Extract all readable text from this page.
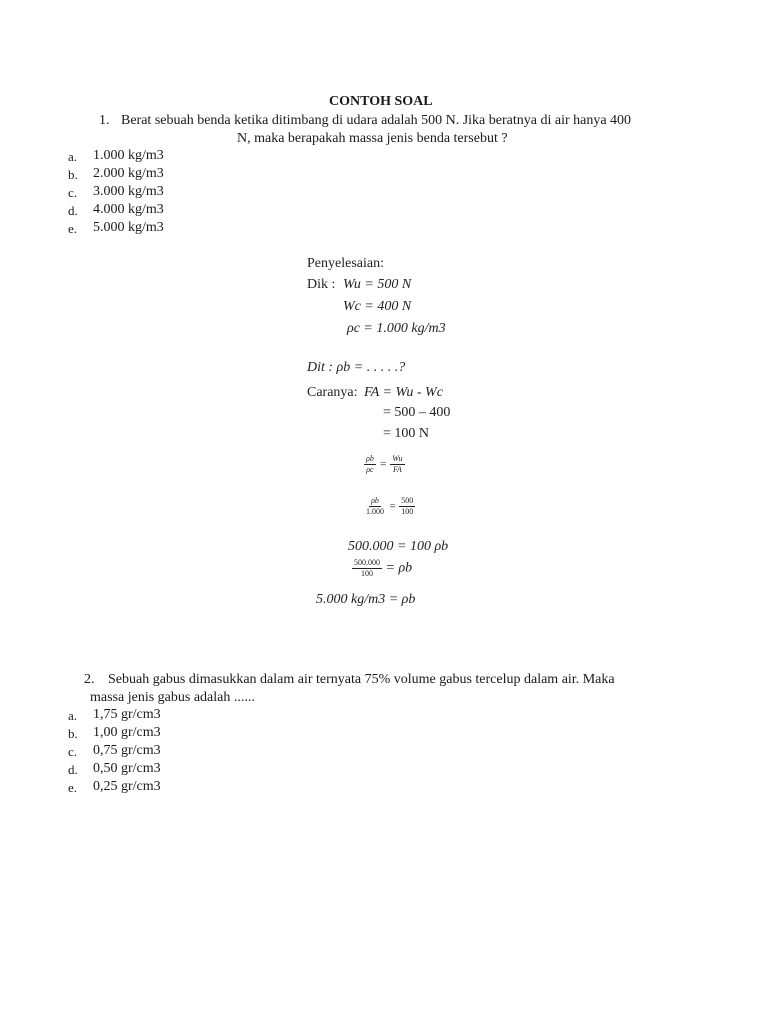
CONTOH SOAL
1. Berat sebuah benda ketika ditimbang di udara adalah 500 N. Jika beratnya di air hanya 400
N, maka berapakah massa jenis benda tersebut ?
a. 1.000 kg/m3
b. 2.000 kg/m3
c. 3.000 kg/m3
d. 4.000 kg/m3
e. 5.000 kg/m3
Penyelesaian:
Dik : Wu = 500 N
Wc = 400 N
ρc = 1.000 kg/m3
Dit : ρb = . . . . .?
Caranya: FA = Wu - Wc
= 500 – 400
= 100 N
$\frac{\rho b}{\rho c} = \frac{Wu}{FA}$
$\frac{\rho b}{1.000} = \frac{500}{100}$
500.000 = 100 ρb
$\frac{500.000}{100} = \rho b$
5.000 kg/m3 = ρb
2. Sebuah gabus dimasukkan dalam air ternyata 75% volume gabus tercelup dalam air. Maka
massa jenis gabus adalah ......
a. 1,75 gr/cm3
b. 1,00 gr/cm3
c. 0,75 gr/cm3
d. 0,50 gr/cm3
e. 0,25 gr/cm3
